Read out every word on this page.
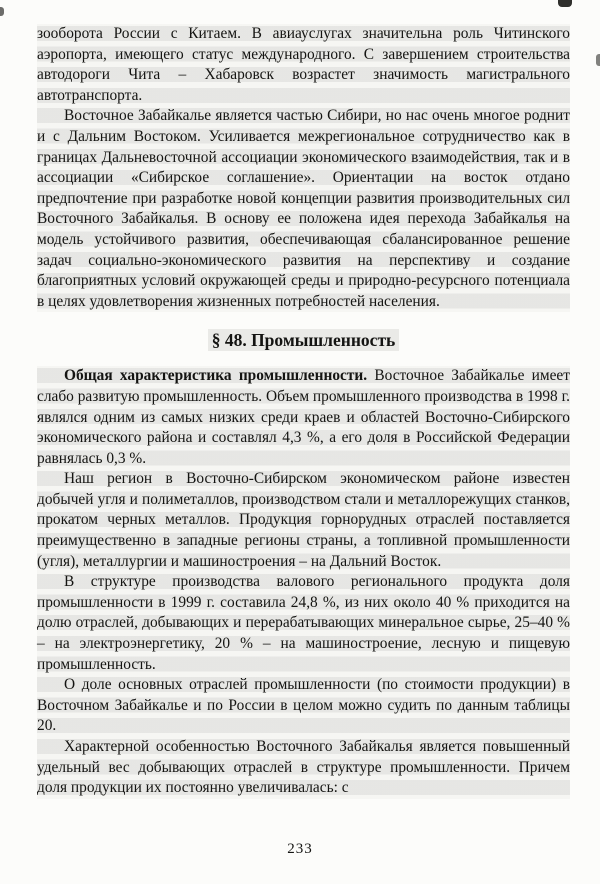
зооборота России с Китаем. В авиауслугах значительна роль Читинского аэропорта, имеющего статус международного. С завершением строительства автодороги Чита – Хабаровск возрастет значимость магистрального автотранспорта.

Восточное Забайкалье является частью Сибири, но нас очень многое роднит и с Дальним Востоком. Усиливается межрегиональное сотрудничество как в границах Дальневосточной ассоциации экономического взаимодействия, так и в ассоциации «Сибирское соглашение». Ориентации на восток отдано предпочтение при разработке новой концепции развития производительных сил Восточного Забайкалья. В основу ее положена идея перехода Забайкалья на модель устойчивого развития, обеспечивающая сбалансированное решение задач социально-экономического развития на перспективу и создание благоприятных условий окружающей среды и природно-ресурсного потенциала в целях удовлетворения жизненных потребностей населения.

§ 48. Промышленность

Общая характеристика промышленности. Восточное Забайкалье имеет слабо развитую промышленность. Объем промышленного производства в 1998 г. являлся одним из самых низких среди краев и областей Восточно-Сибирского экономического района и составлял 4,3 %, а его доля в Российской Федерации равнялась 0,3 %.

Наш регион в Восточно-Сибирском экономическом районе известен добычей угля и полиметаллов, производством стали и металлорежущих станков, прокатом черных металлов. Продукция горнорудных отраслей поставляется преимущественно в западные регионы страны, а топливной промышленности (угля), металлургии и машиностроения – на Дальний Восток.

В структуре производства валового регионального продукта доля промышленности в 1999 г. составила 24,8 %, из них около 40 % приходится на долю отраслей, добывающих и перерабатывающих минеральное сырье, 25–40 % – на электроэнергетику, 20 % – на машиностроение, лесную и пищевую промышленность.

О доле основных отраслей промышленности (по стоимости продукции) в Восточном Забайкалье и по России в целом можно судить по данным таблицы 20.

Характерной особенностью Восточного Забайкалья является повышенный удельный вес добывающих отраслей в структуре промышленности. Причем доля продукции их постоянно увеличивалась: с

233
